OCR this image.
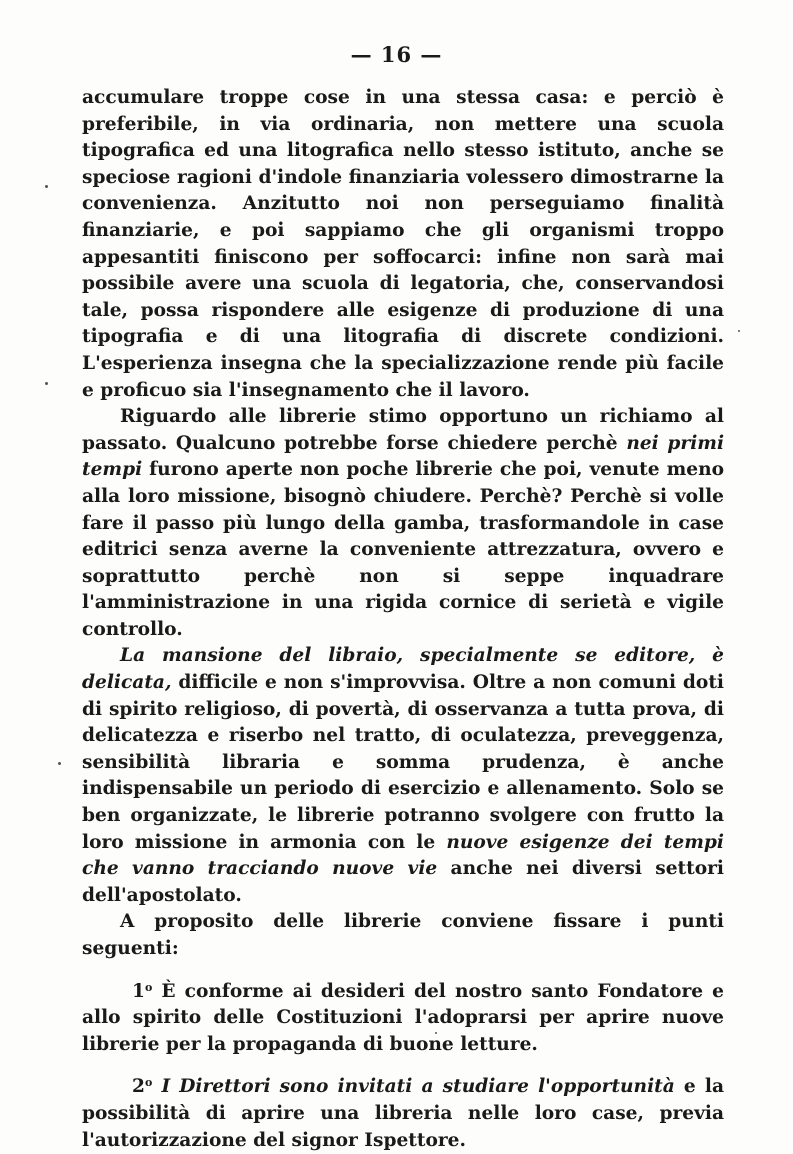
— 16 —

accumulare troppe cose in una stessa casa: e perciò è preferibile, in via ordinaria, non mettere una scuola tipografica ed una litografica nello stesso istituto, anche se speciose ragioni d'indole finanziaria volessero dimostrarne la convenienza. Anzitutto noi non perseguiamo finalità finanziarie, e poi sappiamo che gli organismi troppo appesantiti finiscono per soffocarci: infine non sarà mai possibile avere una scuola di legatoria, che, conservandosi tale, possa rispondere alle esigenze di produzione di una tipografia e di una litografia di discrete condizioni. L'esperienza insegna che la specializzazione rende più facile e proficuo sia l'insegnamento che il lavoro.

Riguardo alle librerie stimo opportuno un richiamo al passato. Qualcuno potrebbe forse chiedere perchè nei primi tempi furono aperte non poche librerie che poi, venute meno alla loro missione, bisognò chiudere. Perchè? Perchè si volle fare il passo più lungo della gamba, trasformandole in case editrici senza averne la conveniente attrezzatura, ovvero e soprattutto perchè non si seppe inquadrare l'amministrazione in una rigida cornice di serietà e vigile controllo.

La mansione del libraio, specialmente se editore, è delicata, difficile e non s'improvvisa. Oltre a non comuni doti di spirito religioso, di povertà, di osservanza a tutta prova, di delicatezza e riserbo nel tratto, di oculatezza, preveggenza, sensibilità libraria e somma prudenza, è anche indispensabile un periodo di esercizio e allenamento. Solo se ben organizzate, le librerie potranno svolgere con frutto la loro missione in armonia con le nuove esigenze dei tempi che vanno tracciando nuove vie anche nei diversi settori dell'apostolato.

A proposito delle librerie conviene fissare i punti seguenti:

1$^o$ È conforme ai desideri del nostro santo Fondatore e allo spirito delle Costituzioni l'adoprarsi per aprire nuove librerie per la propaganda di buone letture.

2$^o$ I Direttori sono invitati a studiare l'opportunità e la possibilità di aprire una libreria nelle loro case, previa l'autorizzazione del signor Ispettore.
